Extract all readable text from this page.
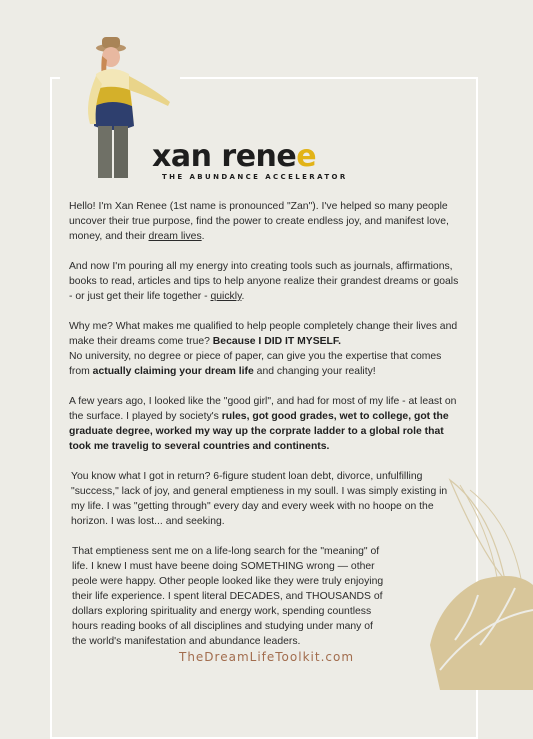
xan renee
THE ABUNDANCE ACCELERATOR

Hello! I'm Xan Renee (1st name is pronounced "Zan"). I've helped so many people uncover their true purpose, find the power to create endless joy, and manifest love, money, and their dream lives.

And now I'm pouring all my energy into creating tools such as journals, affirmations, books to read, articles and tips to help anyone realize their grandest dreams or goals - or just get their life together - quickly.

Why me? What makes me qualified to help people completely change their lives and make their dreams come true? Because I DID IT MYSELF.
No university, no degree or piece of paper, can give you the expertise that comes from actually claiming your dream life and changing your reality!

A few years ago, I looked like the "good girl", and had for most of my life - at least on the surface. I played by society's rules, got good grades, wet to college, got the graduate degree, worked my way up the corprate ladder to a global role that took me travelig to several countries and continents.

You know what I got in return? 6-figure student loan debt, divorce, unfulfilling "success," lack of joy, and general emptieness in my soull. I was simply existing in my life. I was "getting through" every day and every week with no hoope on the horizon. I was lost... and seeking.

That emptieness sent me on a life-long search for the "meaning" of life. I knew I must have beene doing SOMETHING wrong — other peole were happy. Other people looked like they were truly enjoying their life experience. I spent literal DECADES, and THOUSANDS of dollars exploring spirituality and energy work, spending countless hours reading books of all disciplines and studying under many of the world's manifestation and abundance leaders.

TheDreamLifeToolkit.com
